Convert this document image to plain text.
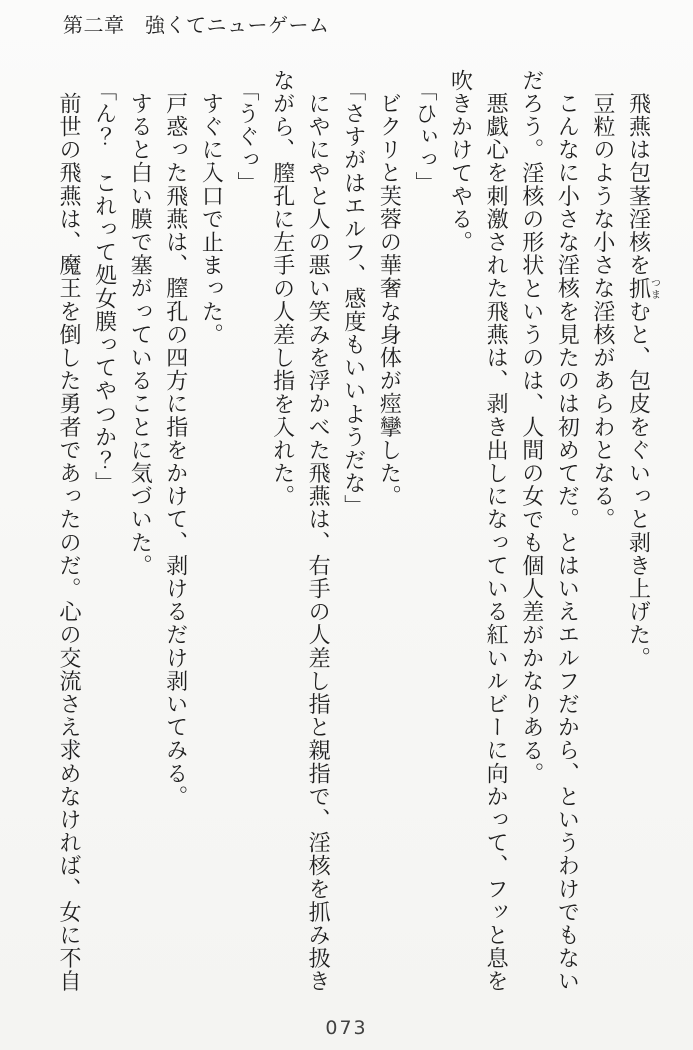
第二章　強くてニューゲーム

飛燕は包茎淫核を抓つまむと、包皮をぐいっと剥き上げた。

豆粒のような小さな淫核があらわとなる。

こんなに小さな淫核を見たのは初めてだ。とはいえエルフだから、というわけでもないだろう。淫核の形状というのは、人間の女でも個人差がかなりある。

悪戯心を刺激された飛燕は、剥き出しになっている紅いルビーに向かって、フッと息を吹きかけてやる。

「ひぃっ」

ビクリと芙蓉の華奢な身体が痙攣した。

「さすがはエルフ、感度もいいようだな」

にやにやと人の悪い笑みを浮かべた飛燕は、右手の人差し指と親指で、淫核を抓み扱きながら、膣孔に左手の人差し指を入れた。

「うぐっ」

すぐに入口で止まった。

戸惑った飛燕は、膣孔の四方に指をかけて、剥けるだけ剥いてみる。

すると白い膜で塞がっていることに気づいた。

「ん？　これって処女膜ってやつか？」

前世の飛燕は、魔王を倒した勇者であったのだ。心の交流さえ求めなければ、女に不自

073
